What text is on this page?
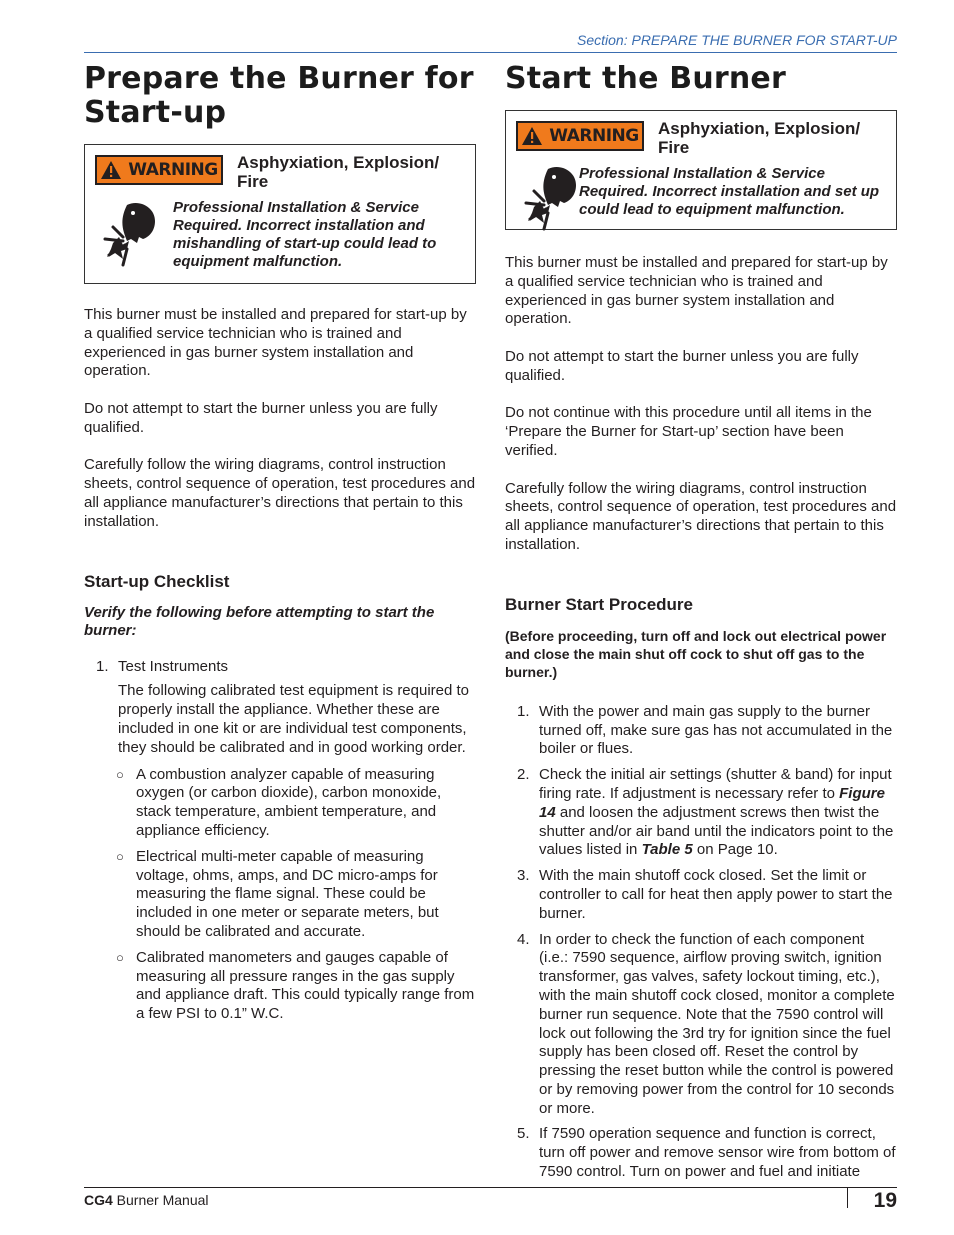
Section: PREPARE THE BURNER FOR START-UP
Prepare the Burner for Start-up
WARNING Asphyxiation, Explosion/ Fire
Professional Installation & Service Required. Incorrect installation and mishandling of start-up could lead to equipment malfunction.

This burner must be installed and prepared for start-up by a qualified service technician who is trained and experienced in gas burner system installation and operation.

Do not attempt to start the burner unless you are fully qualified.

Carefully follow the wiring diagrams, control instruction sheets, control sequence of operation, test procedures and all appliance manufacturer’s directions that pertain to this installation.

Start-up Checklist

Verify the following before attempting to start the burner:

1. Test Instruments

The following calibrated test equipment is required to properly install the appliance. Whether these are included in one kit or are individual test components, they should be calibrated and in good working order.

○ A combustion analyzer capable of measuring oxygen (or carbon dioxide), carbon monoxide, stack temperature, ambient temperature, and appliance efficiency.
○ Electrical multi-meter capable of measuring voltage, ohms, amps, and DC micro-amps for measuring the flame signal. These could be included in one meter or separate meters, but should be calibrated and accurate.
○ Calibrated manometers and gauges capable of measuring all pressure ranges in the gas supply and appliance draft. This could typically range from a few PSI to 0.1” W.C.
Start the Burner
WARNING Asphyxiation, Explosion/ Fire
Professional Installation & Service Required. Incorrect installation and set up could lead to equipment malfunction.

This burner must be installed and prepared for start-up by a qualified service technician who is trained and experienced in gas burner system installation and operation.

Do not attempt to start the burner unless you are fully qualified.

Do not continue with this procedure until all items in the ‘Prepare the Burner for Start-up’ section have been verified.

Carefully follow the wiring diagrams, control instruction sheets, control sequence of operation, test procedures and all appliance manufacturer’s directions that pertain to this installation.

Burner Start Procedure

(Before proceeding, turn off and lock out electrical power and close the main shut off cock to shut off gas to the burner.)

1. With the power and main gas supply to the burner turned off, make sure gas has not accumulated in the boiler or flues.
2. Check the initial air settings (shutter & band) for input firing rate. If adjustment is necessary refer to Figure 14 and loosen the adjustment screws then twist the shutter and/or air band until the indicators point to the values listed in Table 5 on Page 10.
3. With the main shutoff cock closed. Set the limit or controller to call for heat then apply power to start the burner.
4. In order to check the function of each component (i.e.: 7590 sequence, airflow proving switch, ignition transformer, gas valves, safety lockout timing, etc.), with the main shutoff cock closed, monitor a complete burner run sequence. Note that the 7590 control will lock out following the 3rd try for ignition since the fuel supply has been closed off. Reset the control by pressing the reset button while the control is powered or by removing power from the control for 10 seconds or more.
5. If 7590 operation sequence and function is correct, turn off power and remove sensor wire from bottom of 7590 control. Turn on power and fuel and initiate
CG4 Burner Manual	19
